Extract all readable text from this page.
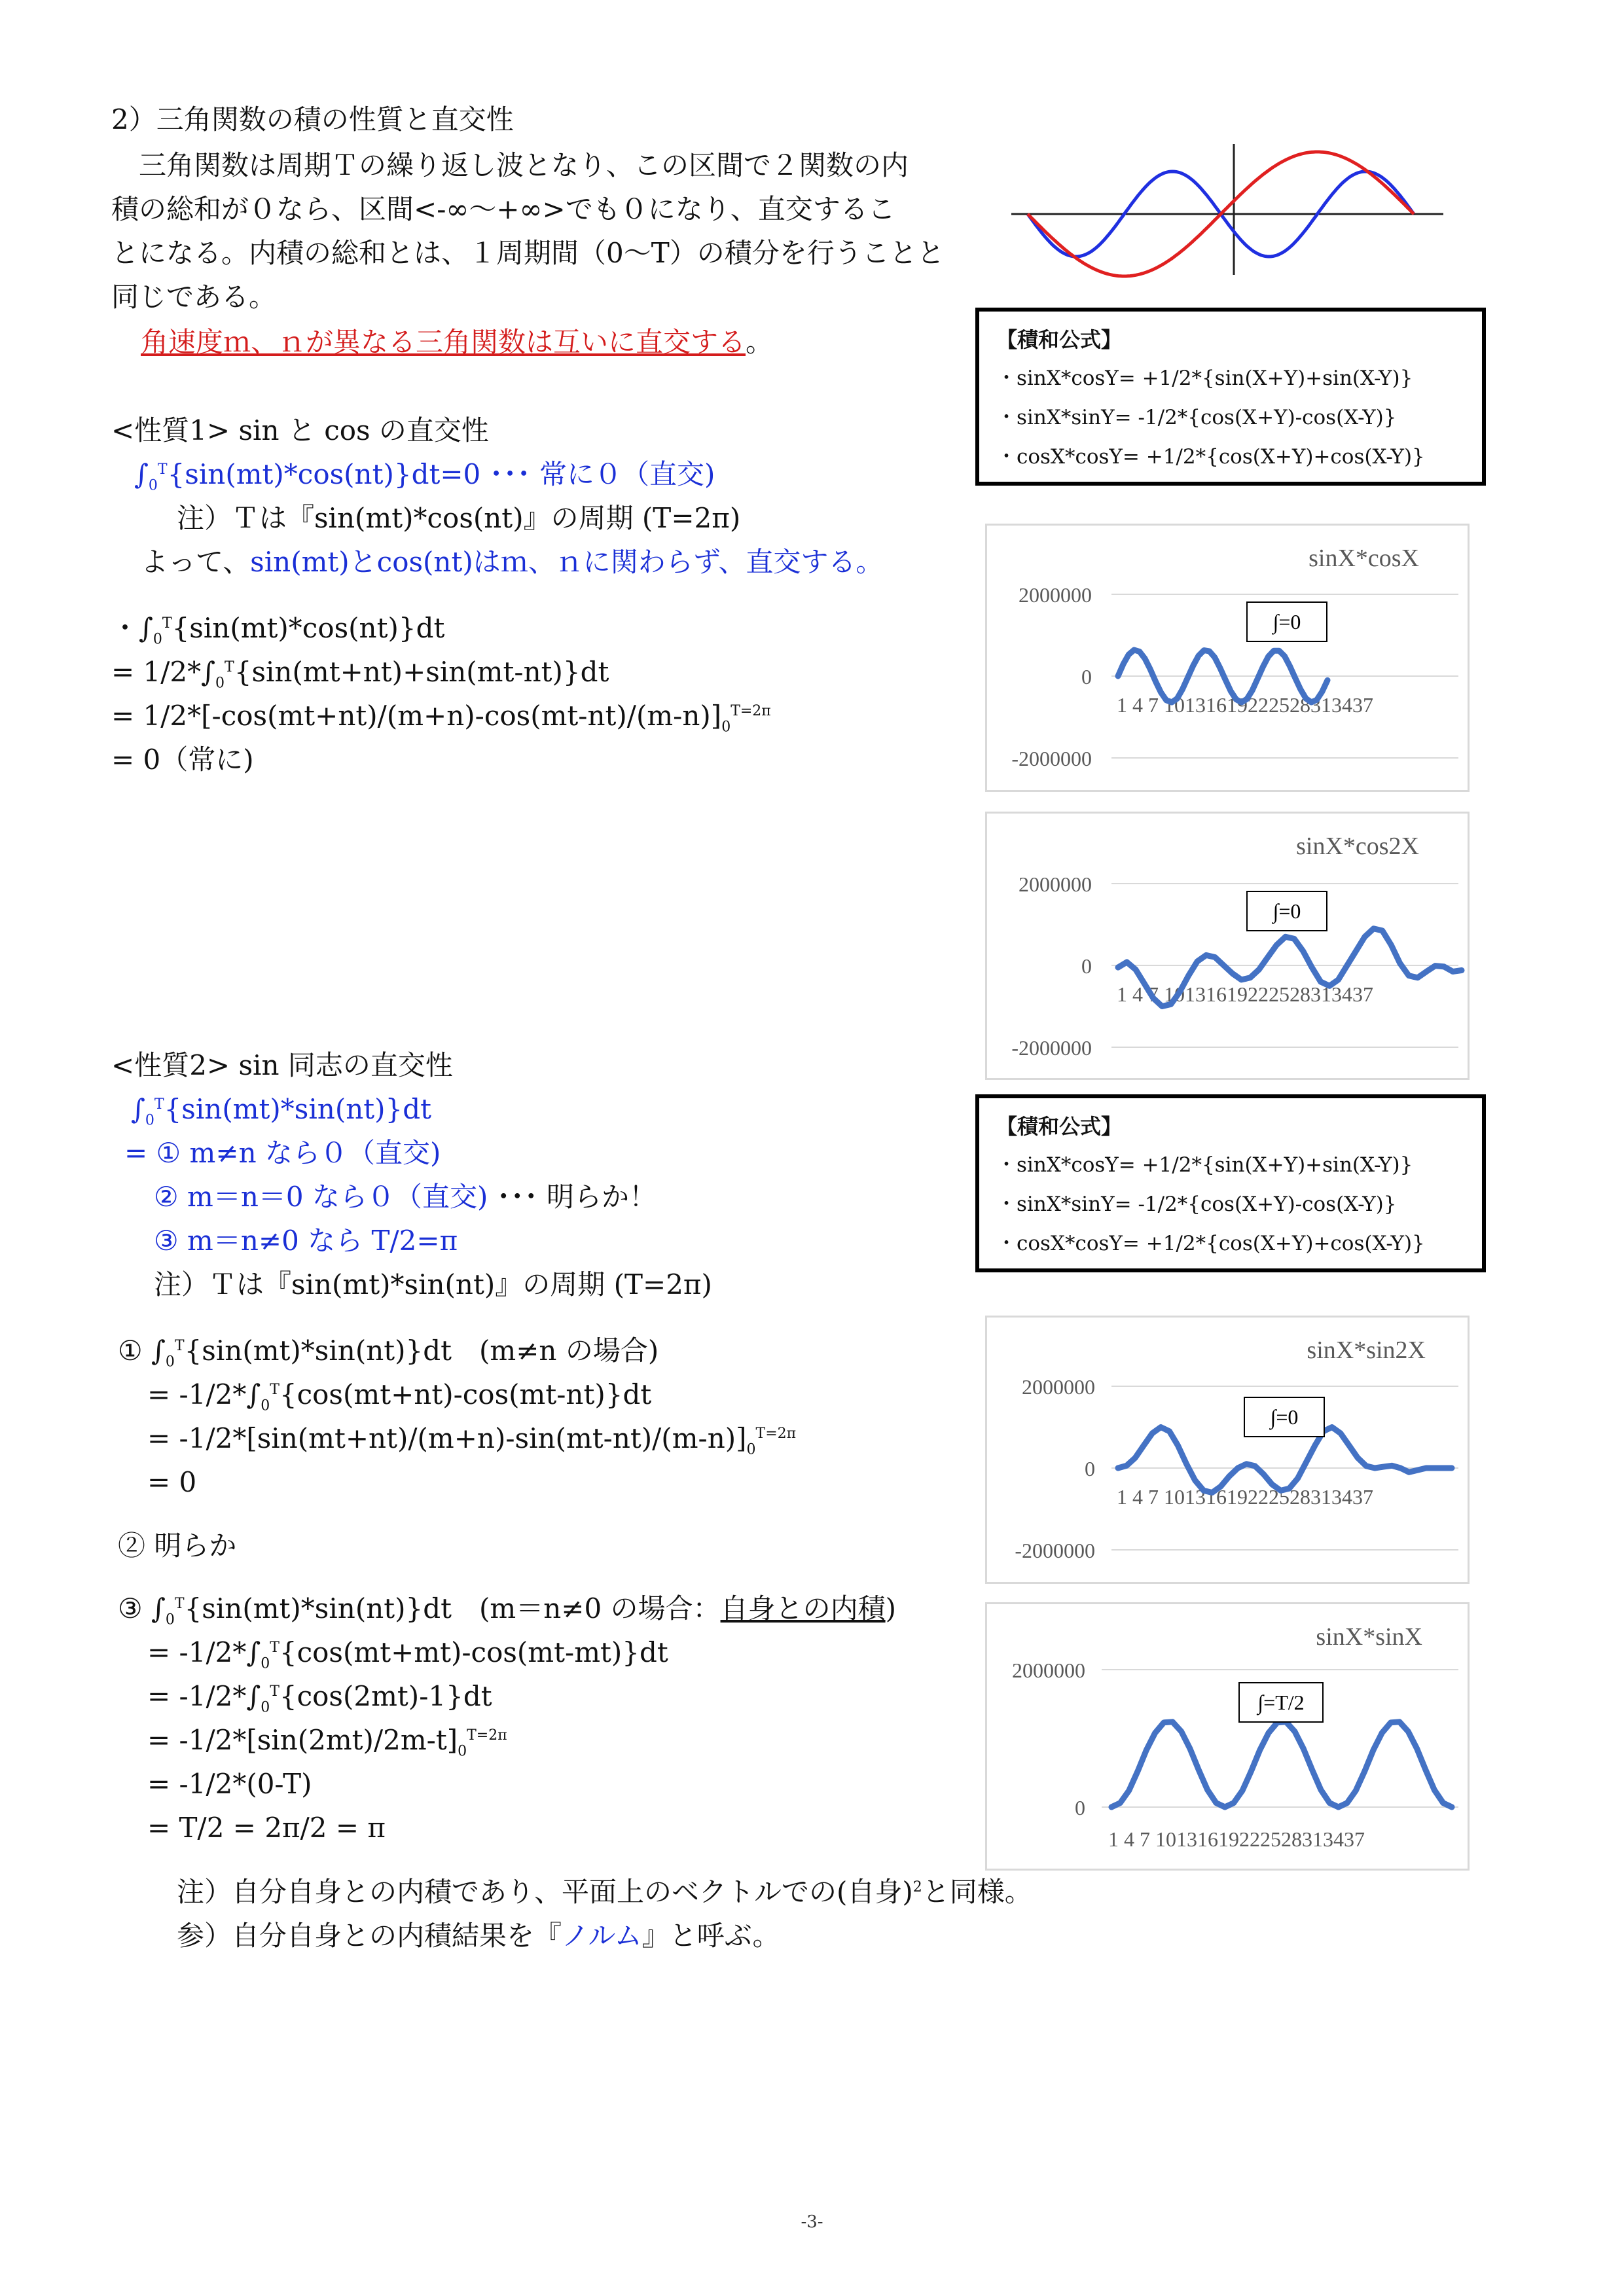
2）三角関数の積の性質と直交性
　三角関数は周期Ｔの繰り返し波となり、この区間で２関数の内
積の総和が０なら、区間<-∞～+∞>でも０になり、直交するこ
とになる。内積の総和とは、１周期間（0～T）の積分を行うことと
同じである。
角速度ｍ、ｎが異なる三角関数は互いに直交する。	【積和公式】
・sinX*cosY= +1/2*{sin(X+Y)+sin(X-Y)}
・sinX*sinY= -1/2*{cos(X+Y)-cos(X-Y)}
・cosX*cosY= +1/2*{cos(X+Y)+cos(X-Y)}
【積和公式】
・sinX*cosY= +1/2*{sin(X+Y)+sin(X-Y)}
・sinX*sinY= -1/2*{cos(X+Y)-cos(X-Y)}
・cosX*cosY= +1/2*{cos(X+Y)+cos(X-Y)}
<性質1> sin と cos の直交性
$\int_0^T\{\sin(mt)*\cos(nt)\}dt=0$ ･･･ 常に０（直交)
注）Ｔは『sin(mt)*cos(nt)』の周期 (T=2π)
よって、sin(mt)とcos(nt)はｍ、ｎに関わらず、直交する。
・$\int_0^T\{\sin(mt)*\cos(nt)\}dt$
= $1/2*\int_0^T\{\sin(mt+nt)+\sin(mt-nt)\}dt$
= $1/2*[-\cos(mt+nt)/(m+n)-\cos(mt-nt)/(m-n)]_0^{T=2\pi}$
= 0（常に)
<性質2> sin 同志の直交性
$\int_0^T\{\sin(mt)*\sin(nt)\}dt$
= ① m≠n なら０（直交)
② m＝n＝0 なら０（直交) ･･･ 明らか！
③ m＝n≠0 なら T/2=π
注）Ｔは『sin(mt)*sin(nt)』の周期 (T=2π)
① $\int_0^T\{\sin(mt)*\sin(nt)\}dt$　(m≠n の場合)
= $-1/2*\int_0^T\{\cos(mt+nt)-\cos(mt-nt)\}dt$
= $-1/2*[\sin(mt+nt)/(m+n)-\sin(mt-nt)/(m-n)]_0^{T=2\pi}$
= 0
② 明らか
③ $\int_0^T\{\sin(mt)*\sin(nt)\}dt$　(m＝n≠0 の場合：自身との内積)
= $-1/2*\int_0^T\{\cos(mt+mt)-\cos(mt-mt)\}dt$
= $-1/2*\int_0^T\{\cos(2mt)-1\}dt$
= $-1/2*[\sin(2mt)/2m-t]_0^{T=2\pi}$
= -1/2*(0-T)
= T/2 = 2π/2 = π
注）自分自身との内積であり、平面上のベクトルでの(自身)$^2$と同様。
参）自分自身との内積結果を『ノルム』と呼ぶ。
sinX*cosX
2000000
0
-2000000
1 4 7 10131619222528313437
∫=0
sinX*cos2X
2000000
0
-2000000
1 4 7 10131619222528313437
∫=0
sinX*sin2X
2000000
0
-2000000
1 4 7 10131619222528313437
∫=0
sinX*sinX
2000000
0
1 4 7 10131619222528313437
∫=T/2
-3-
